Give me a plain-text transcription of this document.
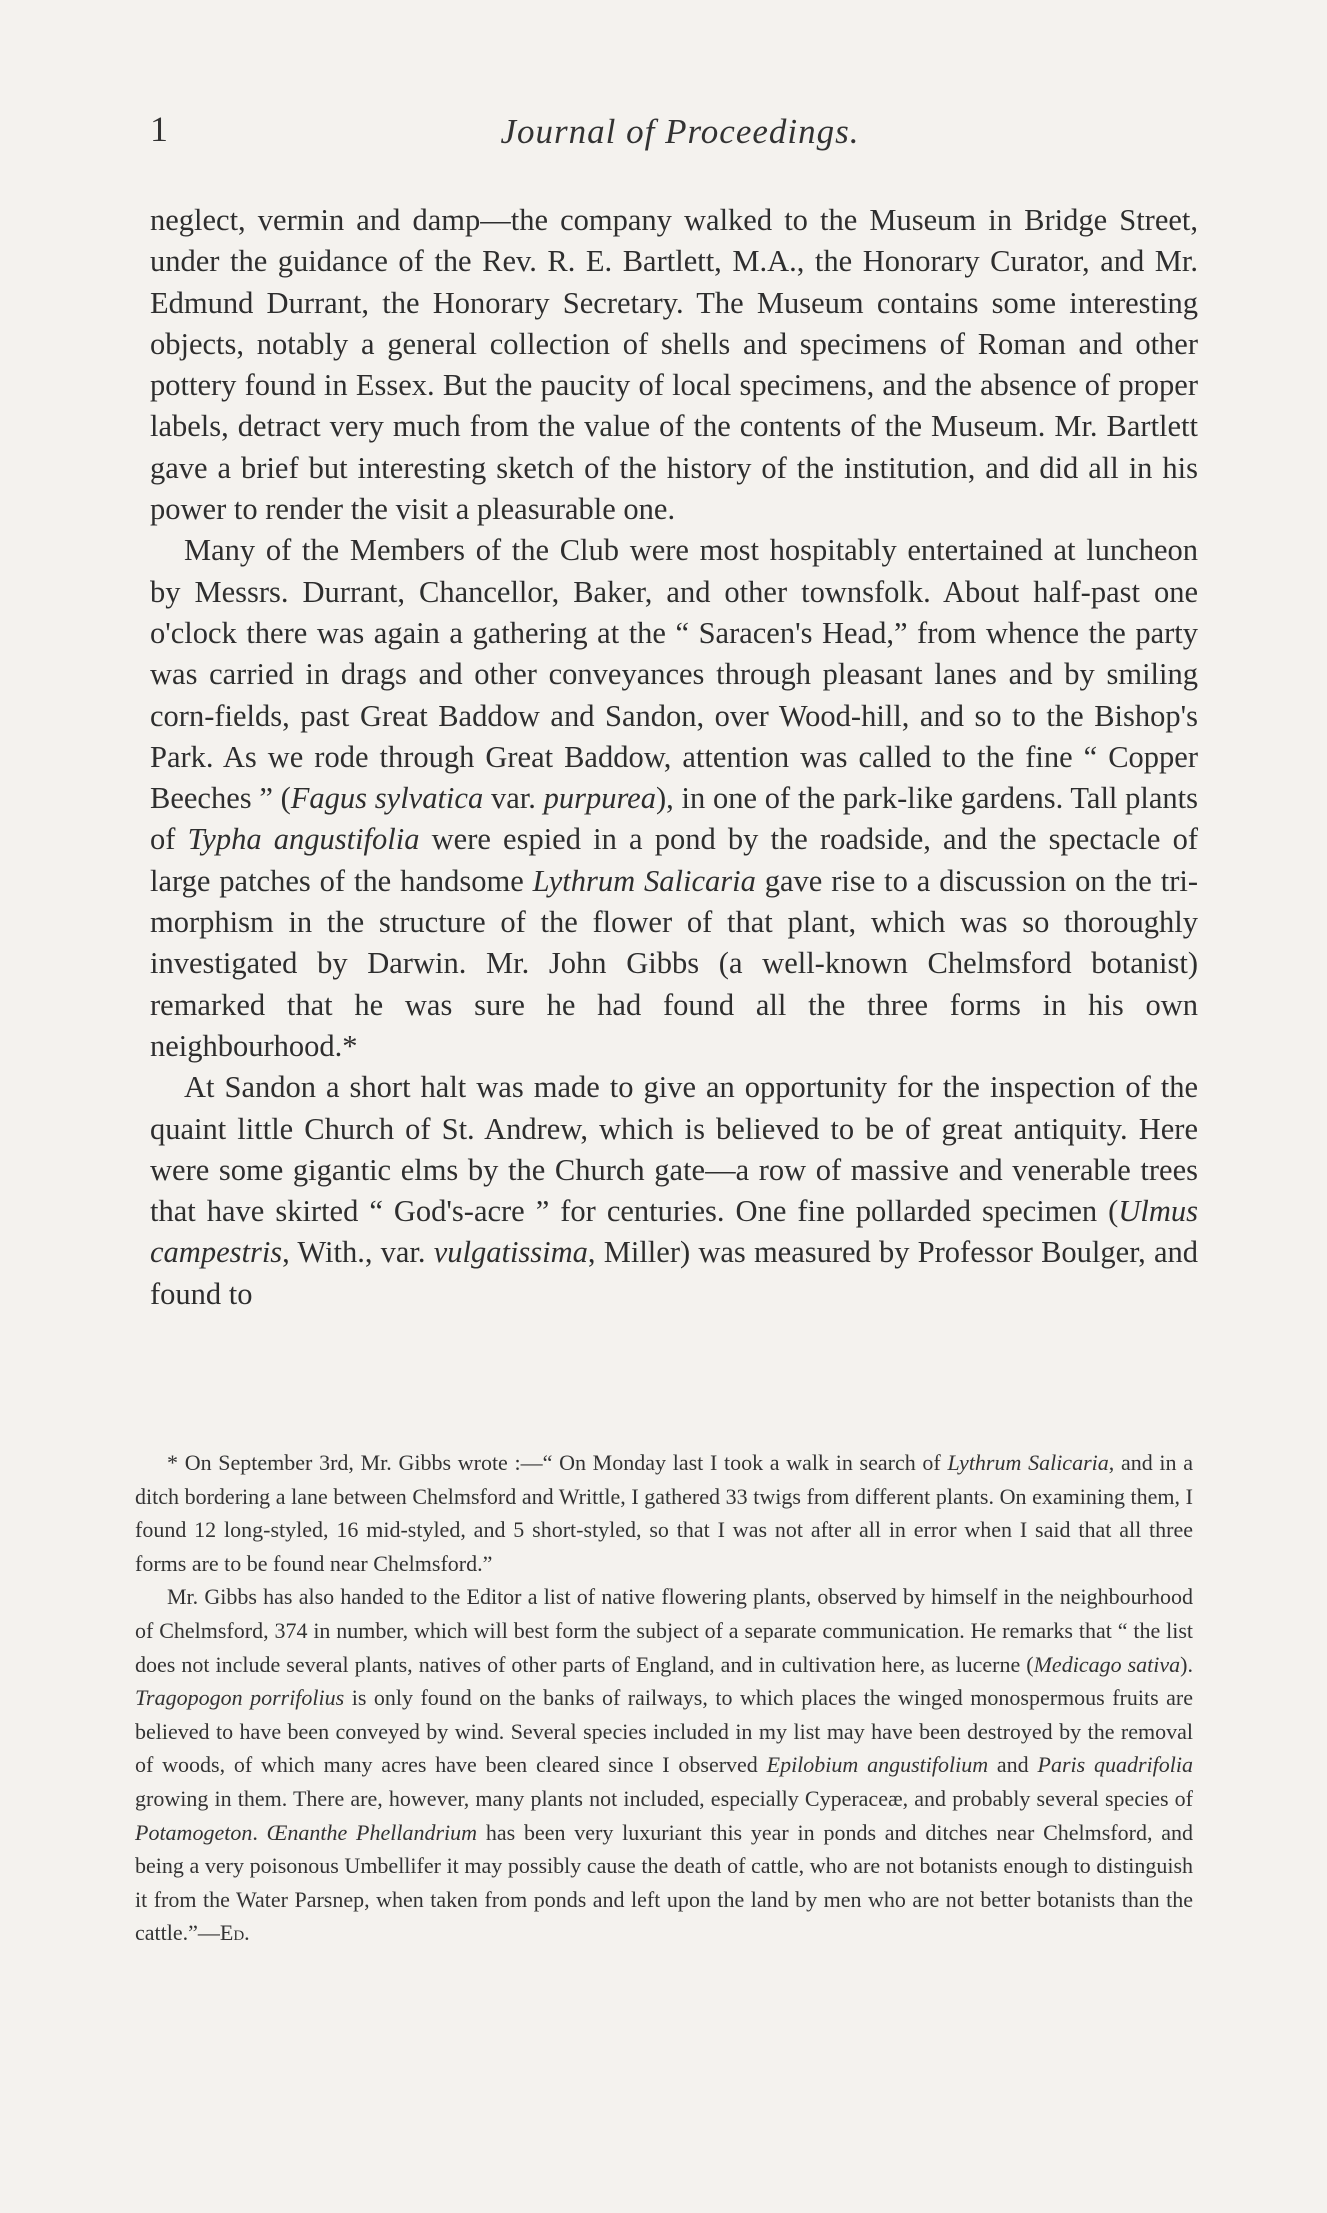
1	Journal of Proceedings.

neglect, vermin and damp—the company walked to the Museum in Bridge Street, under the guidance of the Rev. R. E. Bartlett, M.A., the Honorary Curator, and Mr. Edmund Durrant, the Honorary Secretary. The Museum contains some interesting objects, notably a general collection of shells and specimens of Roman and other pottery found in Essex. But the paucity of local specimens, and the absence of proper labels, detract very much from the value of the contents of the Museum. Mr. Bartlett gave a brief but interesting sketch of the history of the institution, and did all in his power to render the visit a pleasurable one.

Many of the Members of the Club were most hospitably entertained at luncheon by Messrs. Durrant, Chancellor, Baker, and other townsfolk. About half-past one o'clock there was again a gathering at the “ Saracen's Head,” from whence the party was carried in drags and other conveyances through pleasant lanes and by smiling corn-fields, past Great Baddow and Sandon, over Wood-hill, and so to the Bishop's Park. As we rode through Great Baddow, attention was called to the fine “ Copper Beeches ” (Fagus sylvatica var. purpurea), in one of the park-like gardens. Tall plants of Typha angustifolia were espied in a pond by the roadside, and the spectacle of large patches of the handsome Lythrum Salicaria gave rise to a discussion on the tri-morphism in the structure of the flower of that plant, which was so thoroughly investigated by Darwin. Mr. John Gibbs (a well-known Chelmsford botanist) remarked that he was sure he had found all the three forms in his own neighbourhood.*

At Sandon a short halt was made to give an opportunity for the inspection of the quaint little Church of St. Andrew, which is believed to be of great antiquity. Here were some gigantic elms by the Church gate—a row of massive and venerable trees that have skirted “ God's-acre ” for centuries. One fine pollarded specimen (Ulmus campestris, With., var. vulgatissima, Miller) was measured by Professor Boulger, and found to

* On September 3rd, Mr. Gibbs wrote :—“ On Monday last I took a walk in search of Lythrum Salicaria, and in a ditch bordering a lane between Chelmsford and Writtle, I gathered 33 twigs from different plants. On examining them, I found 12 long-styled, 16 mid-styled, and 5 short-styled, so that I was not after all in error when I said that all three forms are to be found near Chelmsford.”

Mr. Gibbs has also handed to the Editor a list of native flowering plants, observed by himself in the neighbourhood of Chelmsford, 374 in number, which will best form the subject of a separate communication. He remarks that “ the list does not include several plants, natives of other parts of England, and in cultivation here, as lucerne (Medicago sativa). Tragopogon porrifolius is only found on the banks of railways, to which places the winged monospermous fruits are believed to have been conveyed by wind. Several species included in my list may have been destroyed by the removal of woods, of which many acres have been cleared since I observed Epilobium angustifolium and Paris quadrifolia growing in them. There are, however, many plants not included, especially Cyperaceæ, and probably several species of Potamogeton. Œnanthe Phellandrium has been very luxuriant this year in ponds and ditches near Chelmsford, and being a very poisonous Umbellifer it may possibly cause the death of cattle, who are not botanists enough to distinguish it from the Water Parsnep, when taken from ponds and left upon the land by men who are not better botanists than the cattle.”—Ed.
